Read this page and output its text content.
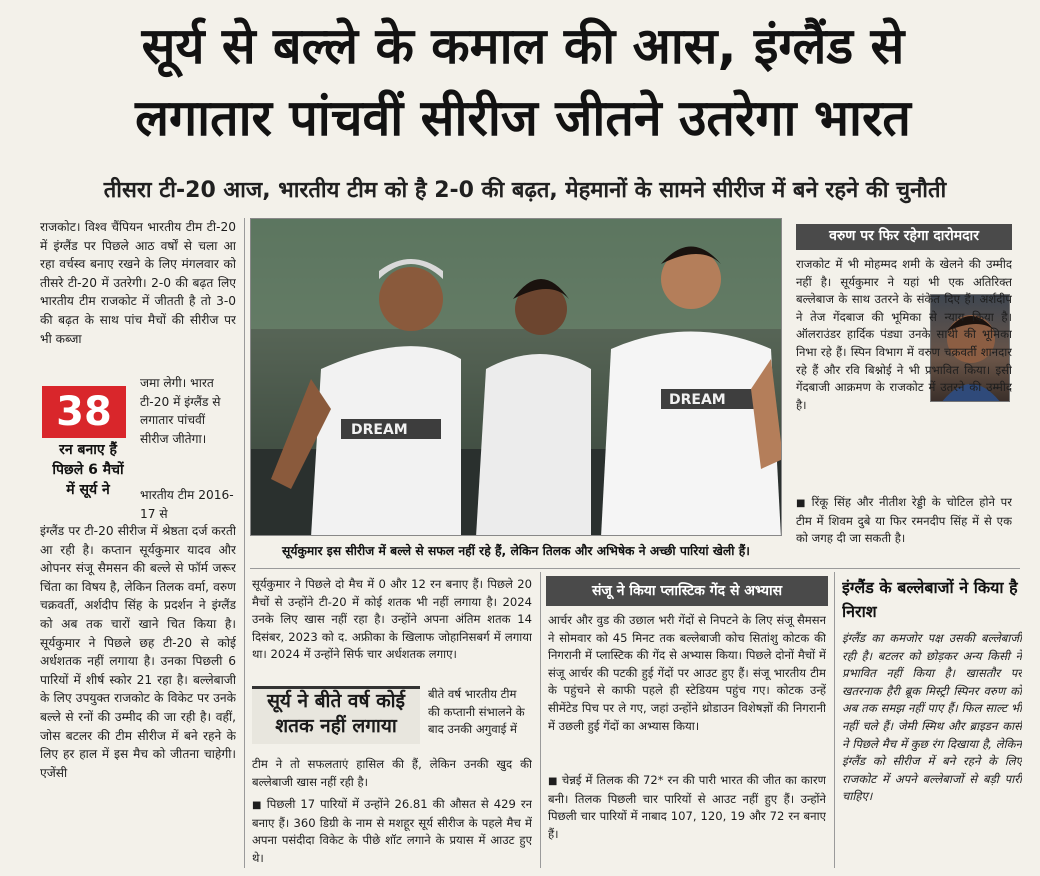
सूर्य से बल्ले के कमाल की आस, इंग्लैंड से
लगातार पांचवीं सीरीज जीतने उतरेगा भारत
तीसरा टी-20 आज, भारतीय टीम को है 2-0 की बढ़त, मेहमानों के सामने सीरीज में बने रहने की चुनौती

राजकोट। विश्व चैंपियन भारतीय टीम टी-20 में इंग्लैंड पर पिछले आठ वर्षों से चला आ रहा वर्चस्व बनाए रखने के लिए मंगलवार को तीसरे टी-20 में उतरेगी। 2-0 की बढ़त लिए भारतीय टीम राजकोट में जीतती है तो 3-0 की बढ़त के साथ पांच मैचों की सीरीज पर भी कब्जा

38
रन बनाए हैं
पिछले 6 मैचों
में सूर्य ने

जमा लेगी। भारत टी-20 में इंग्लैंड से लगातार पांचवीं सीरीज जीतेगा।

भारतीय टीम 2016-17 से

इंग्लैंड पर टी-20 सीरीज में श्रेष्ठता दर्ज करती आ रही है। कप्तान सूर्यकुमार यादव और ओपनर संजू सैमसन की बल्ले से फॉर्म जरूर चिंता का विषय है, लेकिन तिलक वर्मा, वरुण चक्रवर्ती, अर्शदीप सिंह के प्रदर्शन ने इंग्लैंड को अब तक चारों खाने चित किया है। सूर्यकुमार ने पिछले छह टी-20 से कोई अर्धशतक नहीं लगाया है। उनका पिछली 6 पारियों में शीर्ष स्कोर 21 रहा है। बल्लेबाजी के लिए उपयुक्त राजकोट के विकेट पर उनके बल्ले से रनों की उम्मीद की जा रही है। वहीं, जोस बटलर की टीम सीरीज में बने रहने के लिए हर हाल में इस मैच को जीतना चाहेगी। एजेंसी

DREAM
DREAM
सूर्यकुमार इस सीरीज में बल्ले से सफल नहीं रहे हैं, लेकिन तिलक और अभिषेक ने अच्छी पारियां खेली हैं।
वरुण पर फिर रहेगा दारोमदार

राजकोट में भी मोहम्मद शमी के खेलने की उम्मीद नहीं है। सूर्यकुमार ने यहां भी एक अतिरिक्त बल्लेबाज के साथ उतरने के संकेत दिए हैं। अर्शदीप ने तेज गेंदबाज की भूमिका से न्याय किया है। ऑलराउंडर हार्दिक पंड्या उनके साथी की भूमिका निभा रहे हैं। स्पिन विभाग में वरुण चक्रवर्ती शानदार रहे हैं और रवि बिश्नोई ने भी प्रभावित किया। इसी गेंदबाजी आक्रमण के राजकोट में उतरने की उम्मीद है।

■ रिंकू सिंह और नीतीश रेड्डी के चोटिल होने पर टीम में शिवम दुबे या फिर रमनदीप सिंह में से एक को जगह दी जा सकती है।

सूर्यकुमार ने पिछले दो मैच में 0 और 12 रन बनाए हैं। पिछले 20 मैचों से उन्होंने टी-20 में कोई शतक भी नहीं लगाया है। 2024 उनके लिए खास नहीं रहा है। उन्होंने अपना अंतिम शतक 14 दिसंबर, 2023 को द. अफ्रीका के खिलाफ जोहानिसबर्ग में लगाया था। 2024 में उन्होंने सिर्फ चार अर्धशतक लगाए।

सूर्य ने बीते वर्ष कोई शतक नहीं लगाया

बीते वर्ष भारतीय टीम की कप्तानी संभालने के बाद उनकी अगुवाई में

टीम ने तो सफलताएं हासिल की हैं, लेकिन उनकी खुद की बल्लेबाजी खास नहीं रही है।

■ पिछली 17 पारियों में उन्होंने 26.81 की औसत से 429 रन बनाए हैं। 360 डिग्री के नाम से मशहूर सूर्य सीरीज के पहले मैच में अपना पसंदीदा विकेट के पीछे शॉट लगाने के प्रयास में आउट हुए थे।
संजू ने किया प्लास्टिक गेंद से अभ्यास

आर्चर और वुड की उछाल भरी गेंदों से निपटने के लिए संजू सैमसन ने सोमवार को 45 मिनट तक बल्लेबाजी कोच सितांशु कोटक की निगरानी में प्लास्टिक की गेंद से अभ्यास किया। पिछले दोनों मैचों में संजू आर्चर की पटकी हुई गेंदों पर आउट हुए हैं। संजू भारतीय टीम के पहुंचने से काफी पहले ही स्टेडियम पहुंच गए। कोटक उन्हें सीमेंटेड पिच पर ले गए, जहां उन्होंने थ्रोडाउन विशेषज्ञों की निगरानी में उछली हुई गेंदों का अभ्यास किया।

■ चेन्नई में तिलक की 72* रन की पारी भारत की जीत का कारण बनी। तिलक पिछली चार पारियों से आउट नहीं हुए हैं। उन्होंने पिछली चार पारियों में नाबाद 107, 120, 19 और 72 रन बनाए हैं।
इंग्लैंड के बल्लेबाजों ने किया है निराश

इंग्लैंड का कमजोर पक्ष उसकी बल्लेबाजी रही है। बटलर को छोड़कर अन्य किसी ने प्रभावित नहीं किया है। खासतौर पर खतरनाक हैरी ब्रूक मिस्ट्री स्पिनर वरुण को अब तक समझ नहीं पाए हैं। फिल साल्ट भी नहीं चले हैं। जेमी स्मिथ और ब्राइडन कार्स ने पिछले मैच में कुछ रंग दिखाया है, लेकिन इंग्लैंड को सीरीज में बने रहने के लिए राजकोट में अपने बल्लेबाजों से बड़ी पारी चाहिए।
